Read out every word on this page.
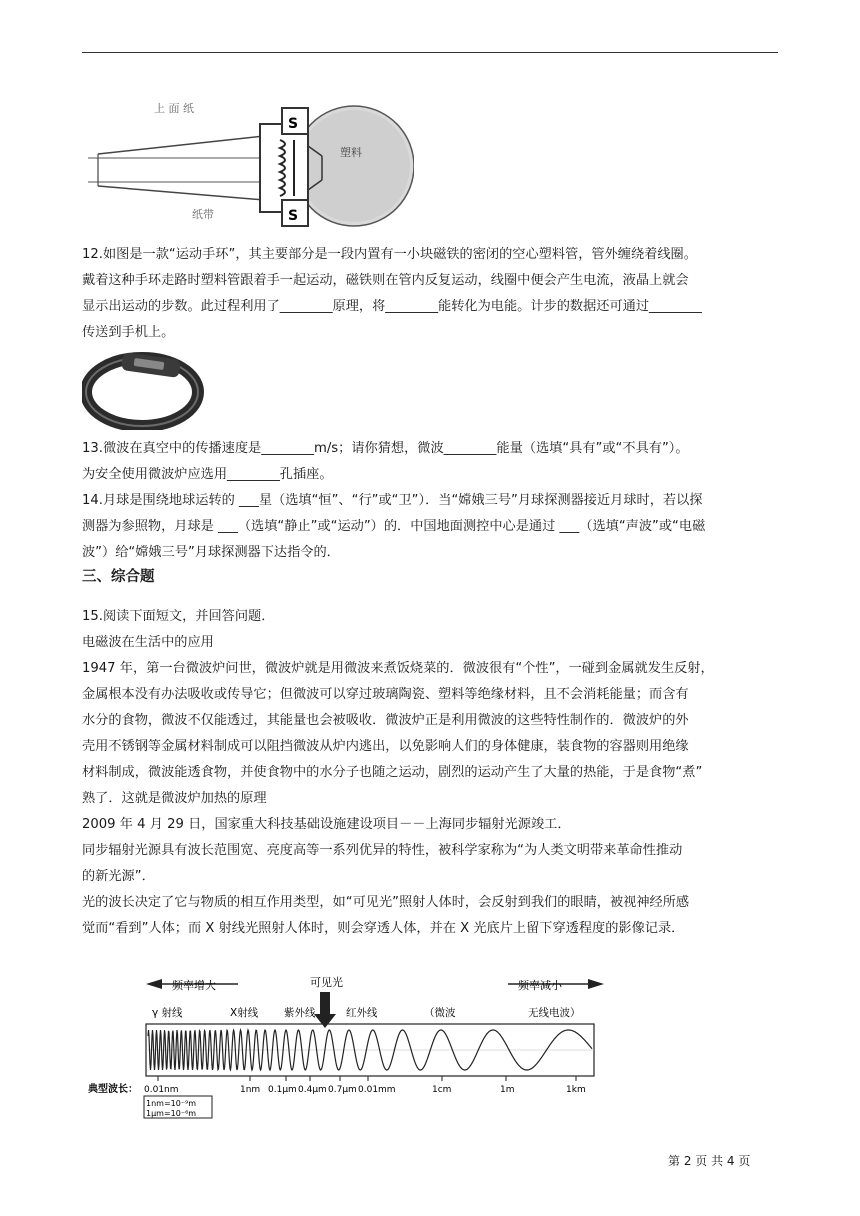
S
S
上 面 纸
塑料
纸带
12.如图是一款“运动手环”，其主要部分是一段内置有一小块磁铁的密闭的空心塑料管，管外缠绕着线圈。
戴着这种手环走路时塑料管跟着手一起运动，磁铁则在管内反复运动，线圈中便会产生电流，液晶上就会
显示出运动的步数。此过程利用了________原理，将________能转化为电能。计步的数据还可通过________
传送到手机上。
13.微波在真空中的传播速度是________m/s；请你猜想，微波________能量（选填“具有”或“不具有”）。
为安全使用微波炉应选用________孔插座。
14.月球是围绕地球运转的 ___星（选填“恒”、“行”或“卫”）．当“嫦娥三号”月球探测器接近月球时，若以探
测器为参照物，月球是 ___（选填“静止”或“运动”）的．中国地面测控中心是通过 ___（选填“声波”或“电磁
波”）给“嫦娥三号”月球探测器下达指令的．
三、综合题
15.阅读下面短文，并回答问题．
电磁波在生活中的应用
1947 年，第一台微波炉问世，微波炉就是用微波来煮饭烧菜的．微波很有“个性”，一碰到金属就发生反射，
金属根本没有办法吸收或传导它；但微波可以穿过玻璃陶瓷、塑料等绝缘材料，且不会消耗能量；而含有
水分的食物，微波不仅能透过，其能量也会被吸收．微波炉正是利用微波的这些特性制作的．微波炉的外
壳用不锈钢等金属材料制成可以阻挡微波从炉内逃出，以免影响人们的身体健康，装食物的容器则用绝缘
材料制成，微波能透食物，并使食物中的水分子也随之运动，剧烈的运动产生了大量的热能，于是食物“煮”
熟了．这就是微波炉加热的原理
2009 年 4 月 29 日，国家重大科技基础设施建设项目－－上海同步辐射光源竣工．
同步辐射光源具有波长范围宽、亮度高等一系列优异的特性，被科学家称为“为人类文明带来革命性推动
的新光源”．
光的波长决定了它与物质的相互作用类型，如“可见光”照射人体时，会反射到我们的眼睛，被视神经所感
觉而“看到”人体；而 X 射线光照射人体时，则会穿透人体，并在 X 光底片上留下穿透程度的影像记录．
频率增大	频率减小
可见光
γ 射线	X射线 紫外线	红外线	（微波	无线电波）
0.01nm	1nm 0.1μm 0.4μm 0.7μm 0.01mm	1cm	1m	1km
典型波长：
1nm=10⁻⁹m
1μm=10⁻⁶m
第 2 页 共 4 页
